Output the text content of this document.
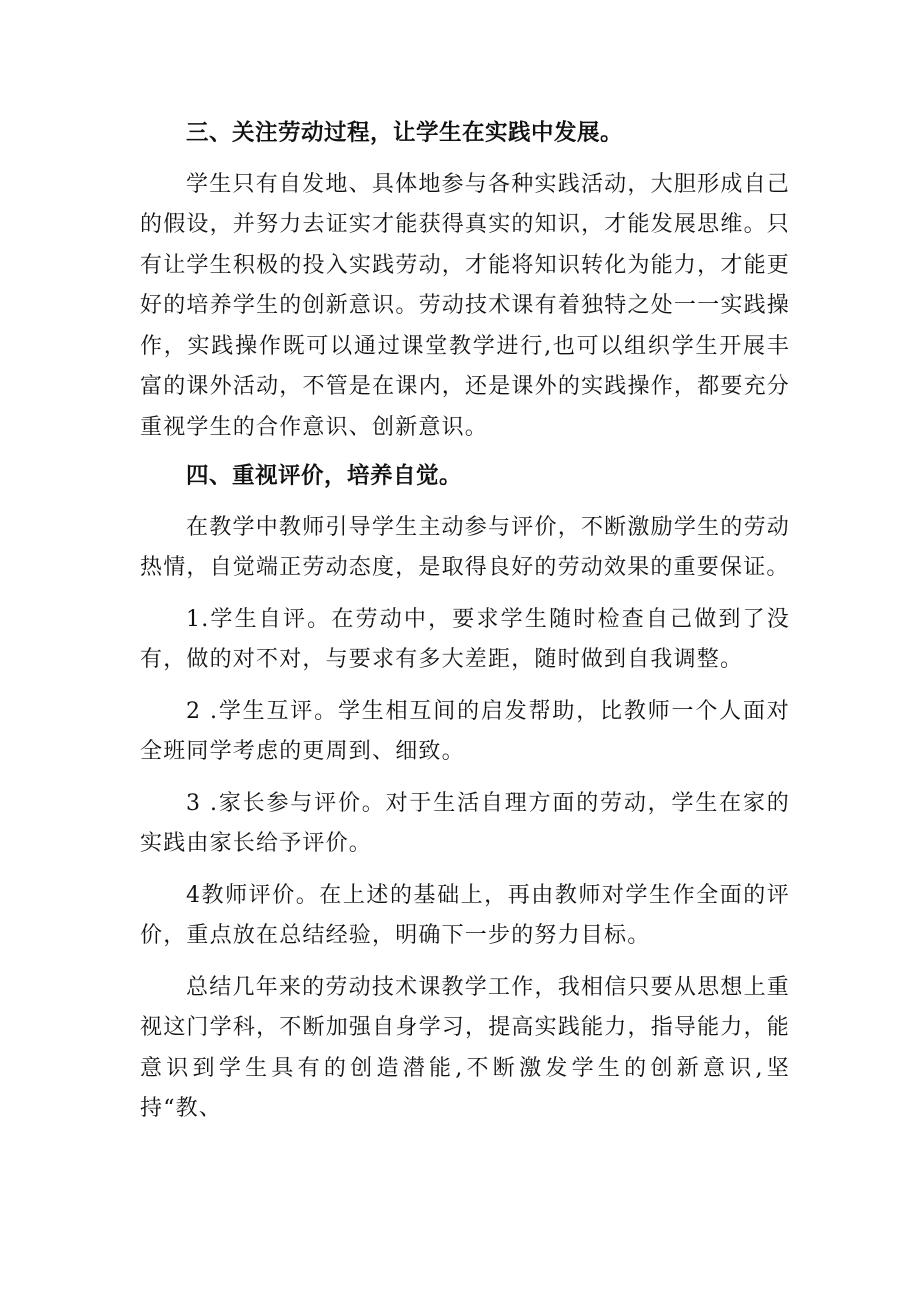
三、关注劳动过程，让学生在实践中发展。

学生只有自发地、具体地参与各种实践活动，大胆形成自己的假设，并努力去证实才能获得真实的知识，才能发展思维。只有让学生积极的投入实践劳动，才能将知识转化为能力，才能更好的培养学生的创新意识。劳动技术课有着独特之处一一实践操作，实践操作既可以通过课堂教学进行,也可以组织学生开展丰富的课外活动，不管是在课内，还是课外的实践操作，都要充分重视学生的合作意识、创新意识。

四、重视评价，培养自觉。

在教学中教师引导学生主动参与评价，不断激励学生的劳动热情，自觉端正劳动态度，是取得良好的劳动效果的重要保证。

1.学生自评。在劳动中，要求学生随时检查自己做到了没有，做的对不对，与要求有多大差距，随时做到自我调整。

2 .学生互评。学生相互间的启发帮助，比教师一个人面对全班同学考虑的更周到、细致。

3 .家长参与评价。对于生活自理方面的劳动，学生在家的实践由家长给予评价。

4教师评价。在上述的基础上，再由教师对学生作全面的评价，重点放在总结经验，明确下一步的努力目标。

总结几年来的劳动技术课教学工作，我相信只要从思想上重视这门学科，不断加强自身学习，提高实践能力，指导能力，能意识到学生具有的创造潜能,不断激发学生的创新意识,坚持“教、
